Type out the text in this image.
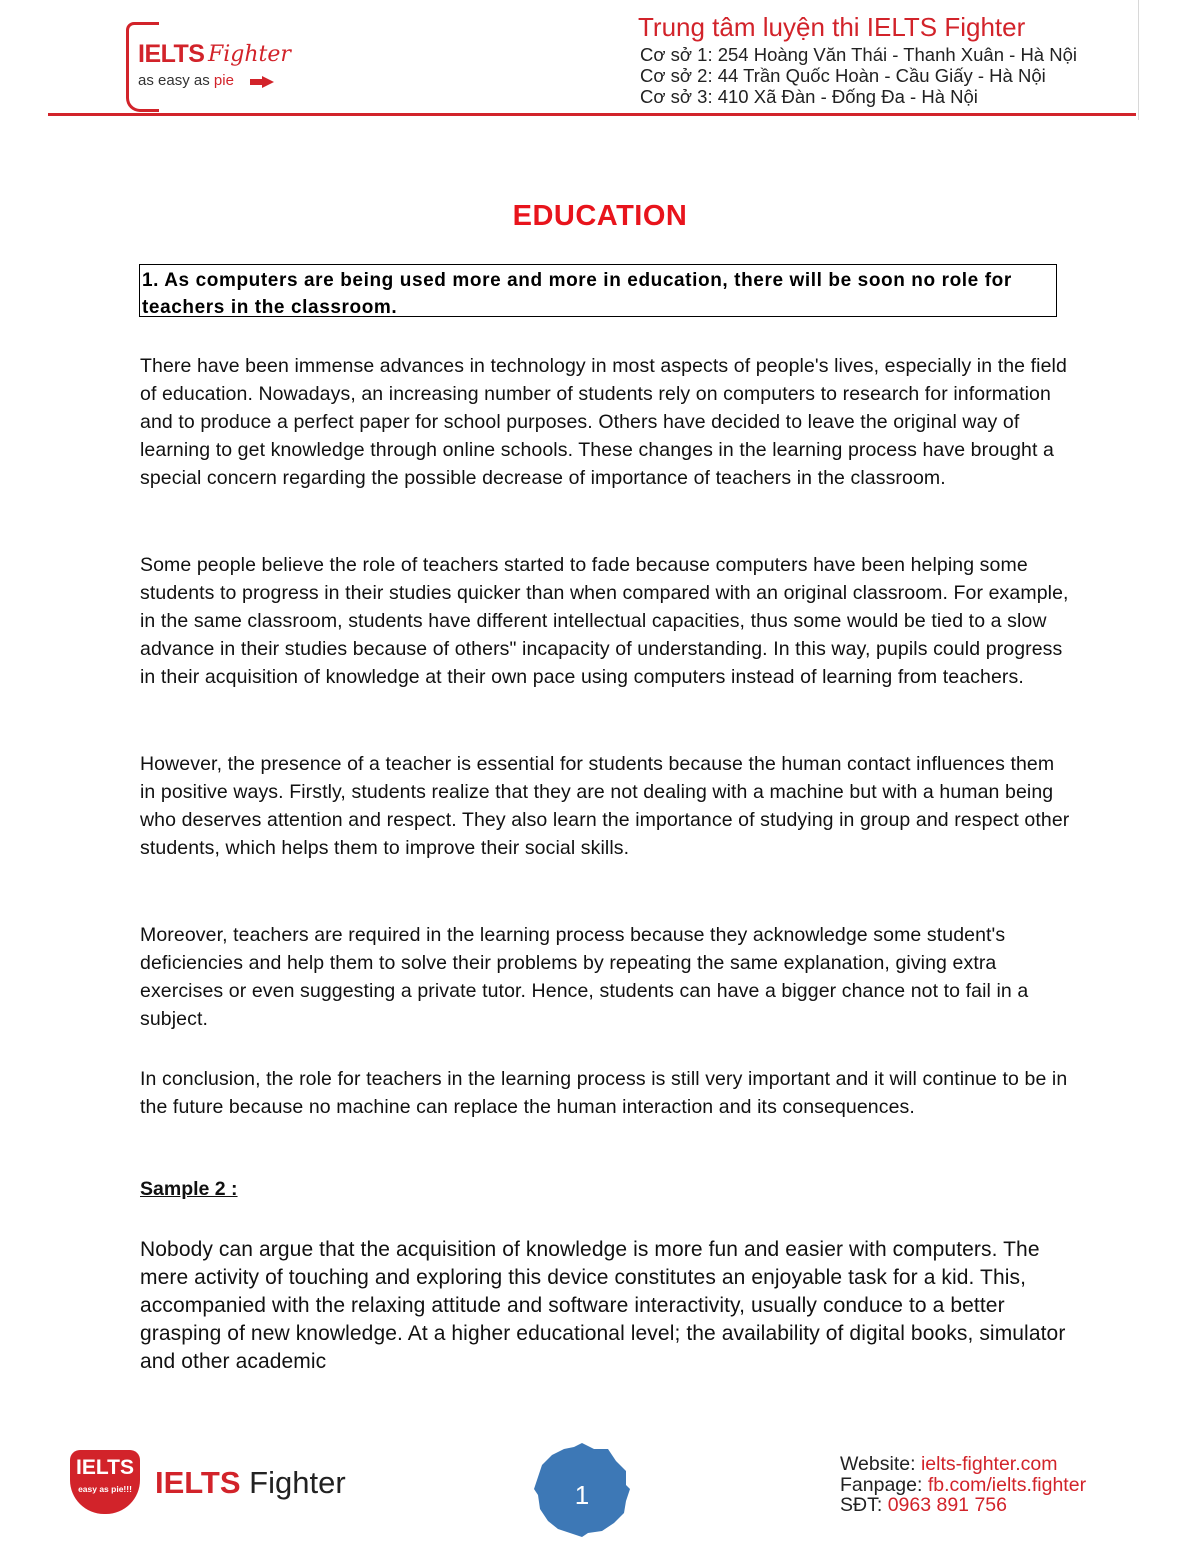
IELTS Fighter
as easy as pie
Trung tâm luyện thi IELTS Fighter
Cơ sở 1: 254 Hoàng Văn Thái - Thanh Xuân - Hà Nội
Cơ sở 2: 44 Trần Quốc Hoàn - Cầu Giấy - Hà Nội
Cơ sở 3: 410 Xã Đàn - Đống Đa - Hà Nội
EDUCATION
1. As computers are being used more and more in education, there will be soon no role for teachers in the classroom.

There have been immense advances in technology in most aspects of people's lives, especially in the field of education. Nowadays, an increasing number of students rely on computers to research for information and to produce a perfect paper for school purposes. Others have decided to leave the original way of learning to get knowledge through online schools. These changes in the learning process have brought a special concern regarding the possible decrease of importance of teachers in the classroom.

Some people believe the role of teachers started to fade because computers have been helping some students to progress in their studies quicker than when compared with an original classroom. For example, in the same classroom, students have different intellectual capacities, thus some would be tied to a slow advance in their studies because of others" incapacity of understanding. In this way, pupils could progress in their acquisition of knowledge at their own pace using computers instead of learning from teachers.

However, the presence of a teacher is essential for students because the human contact influences them in positive ways. Firstly, students realize that they are not dealing with a machine but with a human being who deserves attention and respect. They also learn the importance of studying in group and respect other students, which helps them to improve their social skills.

Moreover, teachers are required in the learning process because they acknowledge some student's deficiencies and help them to solve their problems by repeating the same explanation, giving extra exercises or even suggesting a private tutor. Hence, students can have a bigger chance not to fail in a subject.

In conclusion, the role for teachers in the learning process is still very important and it will continue to be in the future because no machine can replace the human interaction and its consequences.

Sample 2 :

Nobody can argue that the acquisition of knowledge is more fun and easier with computers. The mere activity of touching and exploring this device constitutes an enjoyable task for a kid. This, accompanied with the relaxing attitude and software interactivity, usually conduce to a better grasping of new knowledge. At a higher educational level; the availability of digital books, simulator and other academic

IELTS
easy as pie!!! IELTS Fighter	1
Website: ielts-fighter.com
Fanpage: fb.com/ielts.fighter
SĐT: 0963 891 756
